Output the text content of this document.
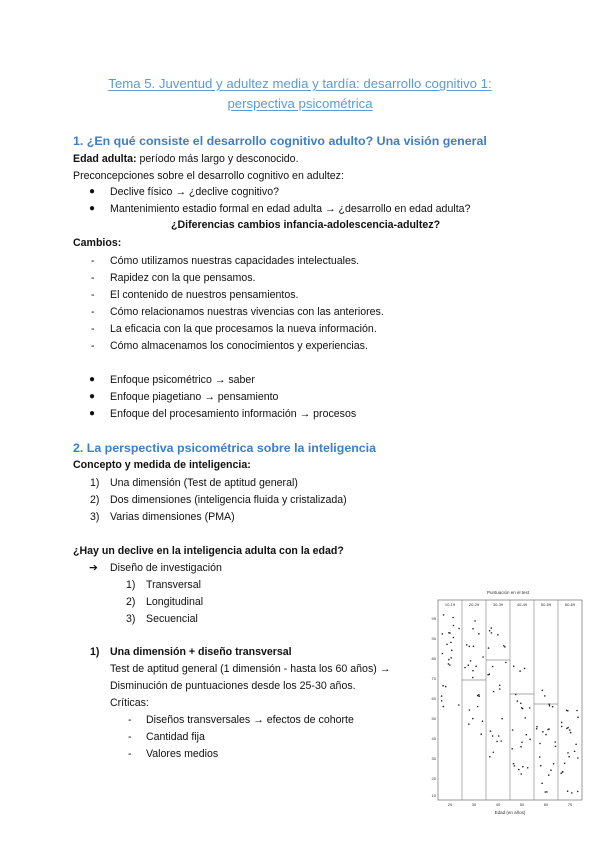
Tema 5. Juventud y adultez media y tardía: desarrollo cognitivo 1:
perspectiva psicométrica
1. ¿En qué consiste el desarrollo cognitivo adulto? Una visión general
Edad adulta: período más largo y desconocido.
Preconcepciones sobre el desarrollo cognitivo en adultez:
● Declive físico → ¿declive cognitivo?
● Mantenimiento estadio formal en edad adulta → ¿desarrollo en edad adulta?
¿Diferencias cambios infancia-adolescencia-adultez?
Cambios:
- Cómo utilizamos nuestras capacidades intelectuales.
- Rapidez con la que pensamos.
- El contenido de nuestros pensamientos.
- Cómo relacionamos nuestras vivencias con las anteriores.
- La eficacia con la que procesamos la nueva información.
- Cómo almacenamos los conocimientos y experiencias.
● Enfoque psicométrico → saber
● Enfoque piagetiano → pensamiento
● Enfoque del procesamiento información → procesos
2. La perspectiva psicométrica sobre la inteligencia
Concepto y medida de inteligencia:
1) Una dimensión (Test de aptitud general)
2) Dos dimensiones (inteligencia fluida y cristalizada)
3) Varias dimensiones (PMA)
¿Hay un declive en la inteligencia adulta con la edad?
➔ Diseño de investigación
1) Transversal
2) Longitudinal
3) Secuencial
1) Una dimensión + diseño transversal
Test de aptitud general (1 dimensión - hasta los 60 años) →
Disminución de puntuaciones desde los 25-30 años.
Críticas:
- Diseños transversales → efectos de cohorte
- Cantidad fija
- Valores medios
Puntuación en el test
10-19	20-29	30-39	40-49	50-59	60-69
99
90
80
70
60
50
40
30
20
10
20	30	40	50	60	70
Edad (en años)
